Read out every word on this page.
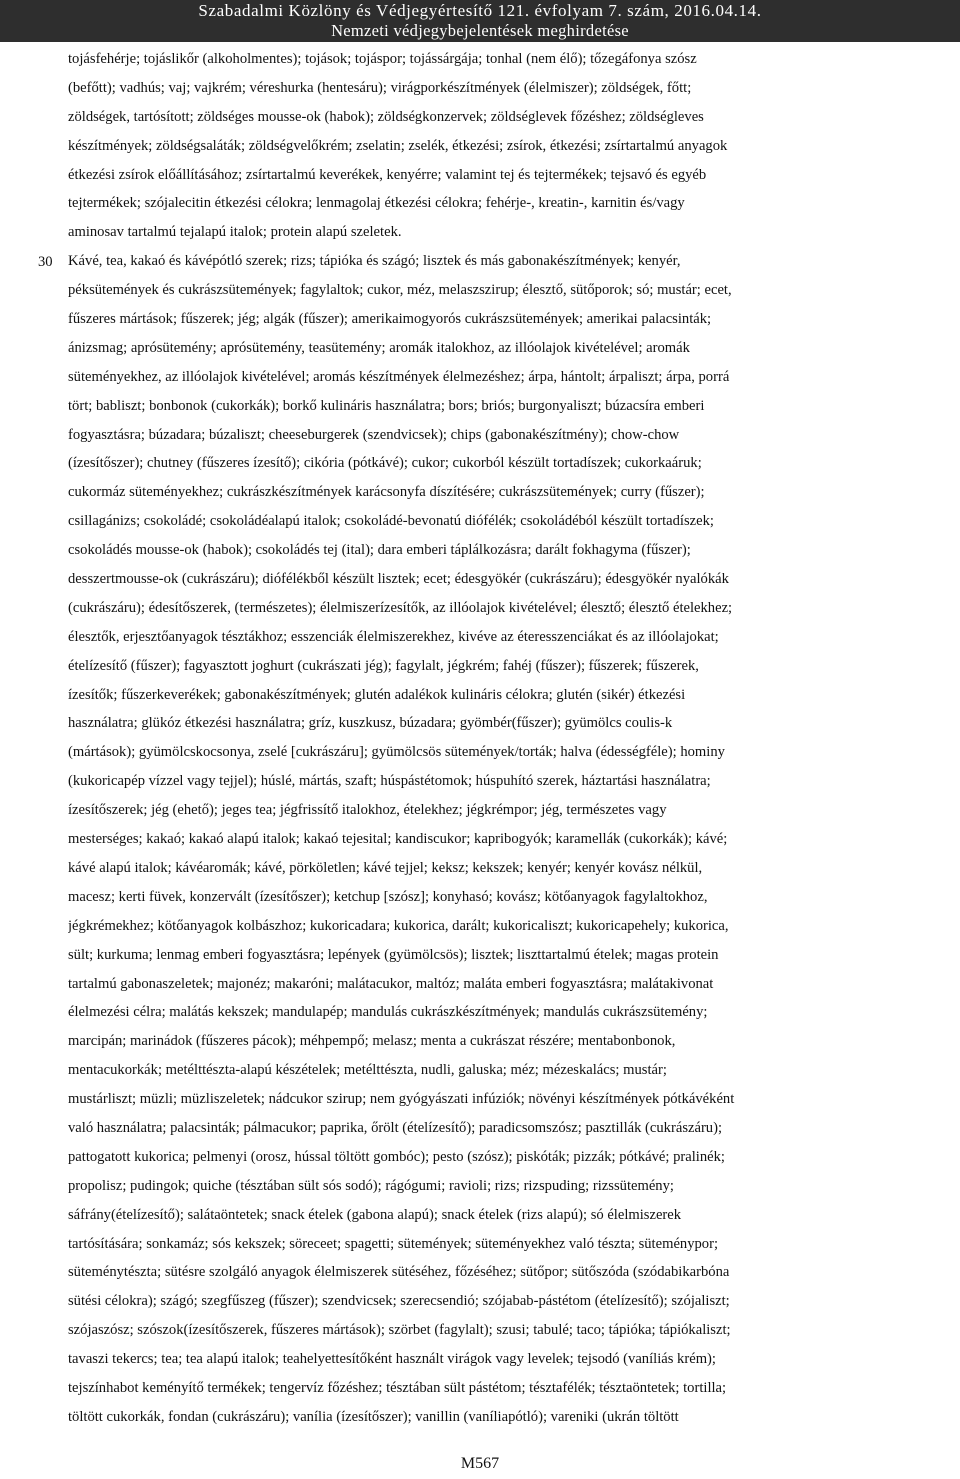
Szabadalmi Közlöny és Védjegyértesítő 121. évfolyam 7. szám, 2016.04.14.
Nemzeti védjegybejelentések meghirdetése
30
tojásfehérje; tojáslikőr (alkoholmentes); tojások; tojáspor; tojássárgája; tonhal (nem élő); tőzegáfonya szósz
(befőtt); vadhús; vaj; vajkrém; véreshurka (hentesáru); virágporkészítmények (élelmiszer); zöldségek, főtt;
zöldségek, tartósított; zöldséges mousse-ok (habok); zöldségkonzervek; zöldséglevek főzéshez; zöldségleves
készítmények; zöldségsaláták; zöldségvelőkrém; zselatin; zselék, étkezési; zsírok, étkezési; zsírtartalmú anyagok
étkezési zsírok előállításához; zsírtartalmú keverékek, kenyérre; valamint tej és tejtermékek; tejsavó és egyéb
tejtermékek; szójalecitin étkezési célokra; lenmagolaj étkezési célokra; fehérje-, kreatin-, karnitin és/vagy
aminosav tartalmú tejalapú italok; protein alapú szeletek.
Kávé, tea, kakaó és kávépótló szerek; rizs; tápióka és szágó; lisztek és más gabonakészítmények; kenyér,
péksütemények és cukrászsütemények; fagylaltok; cukor, méz, melaszszirup; élesztő, sütőporok; só; mustár; ecet,
fűszeres mártások; fűszerek; jég; algák (fűszer); amerikaimogyorós cukrászsütemények; amerikai palacsinták;
ánizsmag; aprósütemény; aprósütemény, teasütemény; aromák italokhoz, az illóolajok kivételével; aromák
süteményekhez, az illóolajok kivételével; aromás készítmények élelmezéshez; árpa, hántolt; árpaliszt; árpa, porrá
tört; babliszt; bonbonok (cukorkák); borkő kulináris használatra; bors; briós; burgonyaliszt; búzacsíra emberi
fogyasztásra; búzadara; búzaliszt; cheeseburgerek (szendvicsek); chips (gabonakészítmény); chow-chow
(ízesítőszer); chutney (fűszeres ízesítő); cikória (pótkávé); cukor; cukorból készült tortadíszek; cukorkaáruk;
cukormáz süteményekhez; cukrászkészítmények karácsonyfa díszítésére; cukrászsütemények; curry (fűszer);
csillagánizs; csokoládé; csokoládéalapú italok; csokoládé-bevonatú diófélék; csokoládéból készült tortadíszek;
csokoládés mousse-ok (habok); csokoládés tej (ital); dara emberi táplálkozásra; darált fokhagyma (fűszer);
desszertmousse-ok (cukrászáru); diófélékből készült lisztek; ecet; édesgyökér (cukrászáru); édesgyökér nyalókák
(cukrászáru); édesítőszerek, (természetes); élelmiszerízesítők, az illóolajok kivételével; élesztő; élesztő ételekhez;
élesztők, erjesztőanyagok tésztákhoz; esszenciák élelmiszerekhez, kivéve az éteresszenciákat és az illóolajokat;
ételízesítő (fűszer); fagyasztott joghurt (cukrászati jég); fagylalt, jégkrém; fahéj (fűszer); fűszerek; fűszerek,
ízesítők; fűszerkeverékek; gabonakészítmények; glutén adalékok kulináris célokra; glutén (sikér) étkezési
használatra; glükóz étkezési használatra; gríz, kuszkusz, búzadara; gyömbér(fűszer); gyümölcs coulis-k
(mártások); gyümölcskocsonya, zselé [cukrászáru]; gyümölcsös sütemények/torták; halva (édességféle); hominy
(kukoricapép vízzel vagy tejjel); húslé, mártás, szaft; húspástétomok; húspuhító szerek, háztartási használatra;
ízesítőszerek; jég (ehető); jeges tea; jégfrissítő italokhoz, ételekhez; jégkrémpor; jég, természetes vagy
mesterséges; kakaó; kakaó alapú italok; kakaó tejesital; kandiscukor; kapribogyók; karamellák (cukorkák); kávé;
kávé alapú italok; kávéaromák; kávé, pörköletlen; kávé tejjel; keksz; kekszek; kenyér; kenyér kovász nélkül,
macesz; kerti füvek, konzervált (ízesítőszer); ketchup [szósz]; konyhasó; kovász; kötőanyagok fagylaltokhoz,
jégkrémekhez; kötőanyagok kolbászhoz; kukoricadara; kukorica, darált; kukoricaliszt; kukoricapehely; kukorica,
sült; kurkuma; lenmag emberi fogyasztásra; lepények (gyümölcsös); lisztek; liszttartalmú ételek; magas protein
tartalmú gabonaszeletek; majonéz; makaróni; malátacukor, maltóz; maláta emberi fogyasztásra; malátakivonat
élelmezési célra; malátás kekszek; mandulapép; mandulás cukrászkészítmények; mandulás cukrászsütemény;
marcipán; marinádok (fűszeres pácok); méhpempő; melasz; menta a cukrászat részére; mentabonbonok,
mentacukorkák; metélttészta-alapú készételek; metélttészta, nudli, galuska; méz; mézeskalács; mustár;
mustárliszt; müzli; müzliszeletek; nádcukor szirup; nem gyógyászati infúziók; növényi készítmények pótkávéként
való használatra; palacsinták; pálmacukor; paprika, őrölt (ételízesítő); paradicsomszósz; pasztillák (cukrászáru);
pattogatott kukorica; pelmenyi (orosz, hússal töltött gombóc); pesto (szósz); piskóták; pizzák; pótkávé; pralinék;
propolisz; pudingok; quiche (tésztában sült sós sodó); rágógumi; ravioli; rizs; rizspuding; rizssütemény;
sáfrány(ételízesítő); salátaöntetek; snack ételek (gabona alapú); snack ételek (rizs alapú); só élelmiszerek
tartósítására; sonkamáz; sós kekszek; söreceet; spagetti; sütemények; süteményekhez való tészta; süteménypor;
süteménytészta; sütésre szolgáló anyagok élelmiszerek sütéséhez, főzéséhez; sütőpor; sütőszóda (szódabikarbóna
sütési célokra); szágó; szegfűszeg (fűszer); szendvicsek; szerecsendió; szójabab-pástétom (ételízesítő); szójaliszt;
szójaszósz; szószok(ízesítőszerek, fűszeres mártások); szörbet (fagylalt); szusi; tabulé; taco; tápióka; tápiókaliszt;
tavaszi tekercs; tea; tea alapú italok; teahelyettesítőként használt virágok vagy levelek; tejsodó (vaníliás krém);
tejszínhabot keményítő termékek; tengervíz főzéshez; tésztában sült pástétom; tésztafélék; tésztaöntetek; tortilla;
töltött cukorkák, fondan (cukrászáru); vanília (ízesítőszer); vanillin (vaníliapótló); vareniki (ukrán töltött
M567
